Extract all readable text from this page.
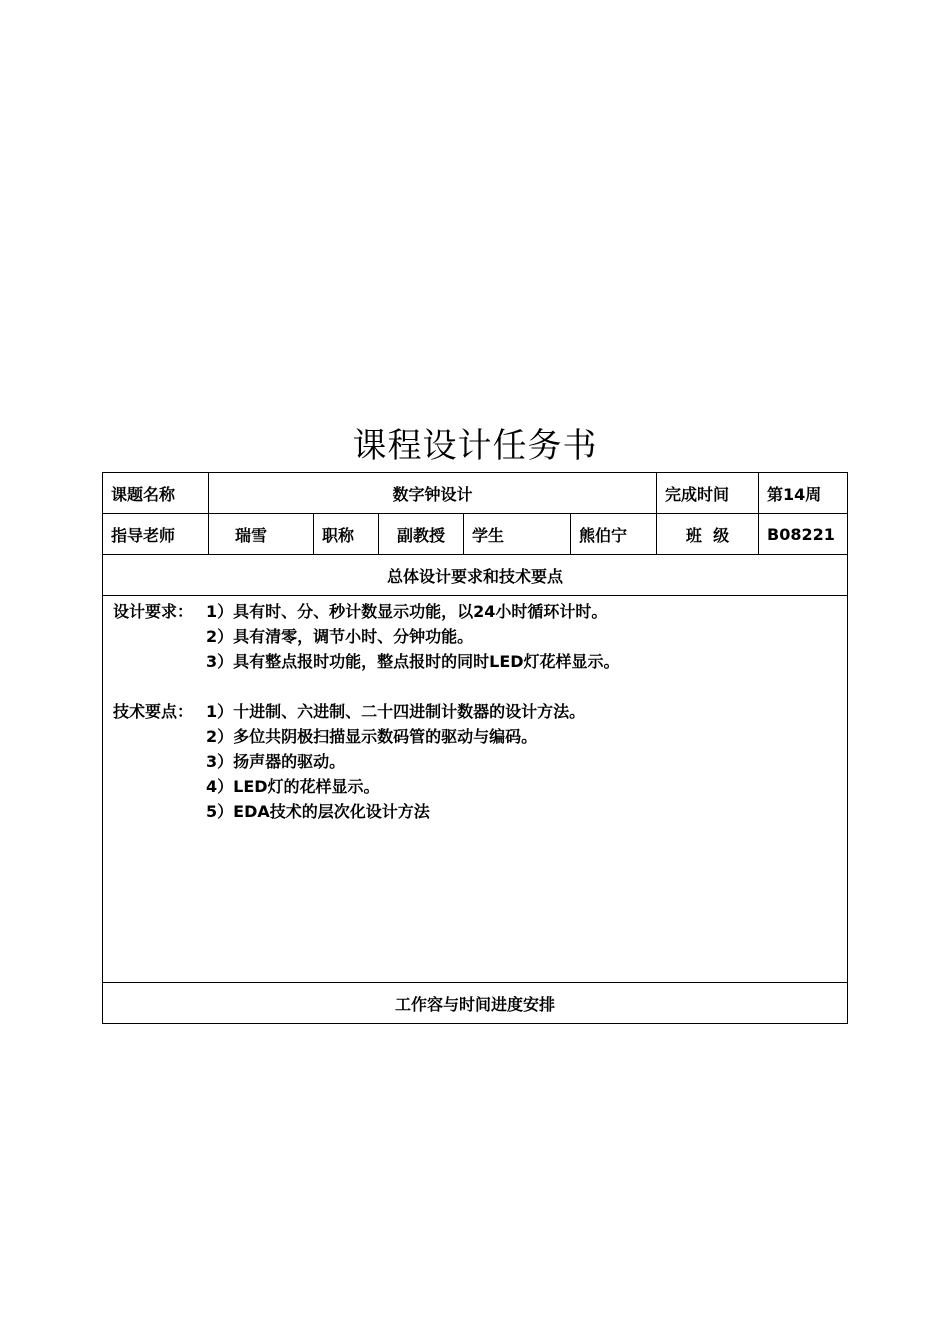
课程设计任务书
课题名称	数字钟设计	完成时间	第14周
指导老师	瑞雪	职称	副教授	学生	熊伯宁	班  级	B08221
总体设计要求和技术要点
设计要求： 1）具有时、分、秒计数显示功能，以24小时循环计时。
2）具有清零，调节小时、分钟功能。
3）具有整点报时功能，整点报时的同时LED灯花样显示。
技术要点： 1）十进制、六进制、二十四进制计数器的设计方法。
2）多位共阴极扫描显示数码管的驱动与编码。
3）扬声器的驱动。
4）LED灯的花样显示。
5）EDA技术的层次化设计方法
工作容与时间进度安排
